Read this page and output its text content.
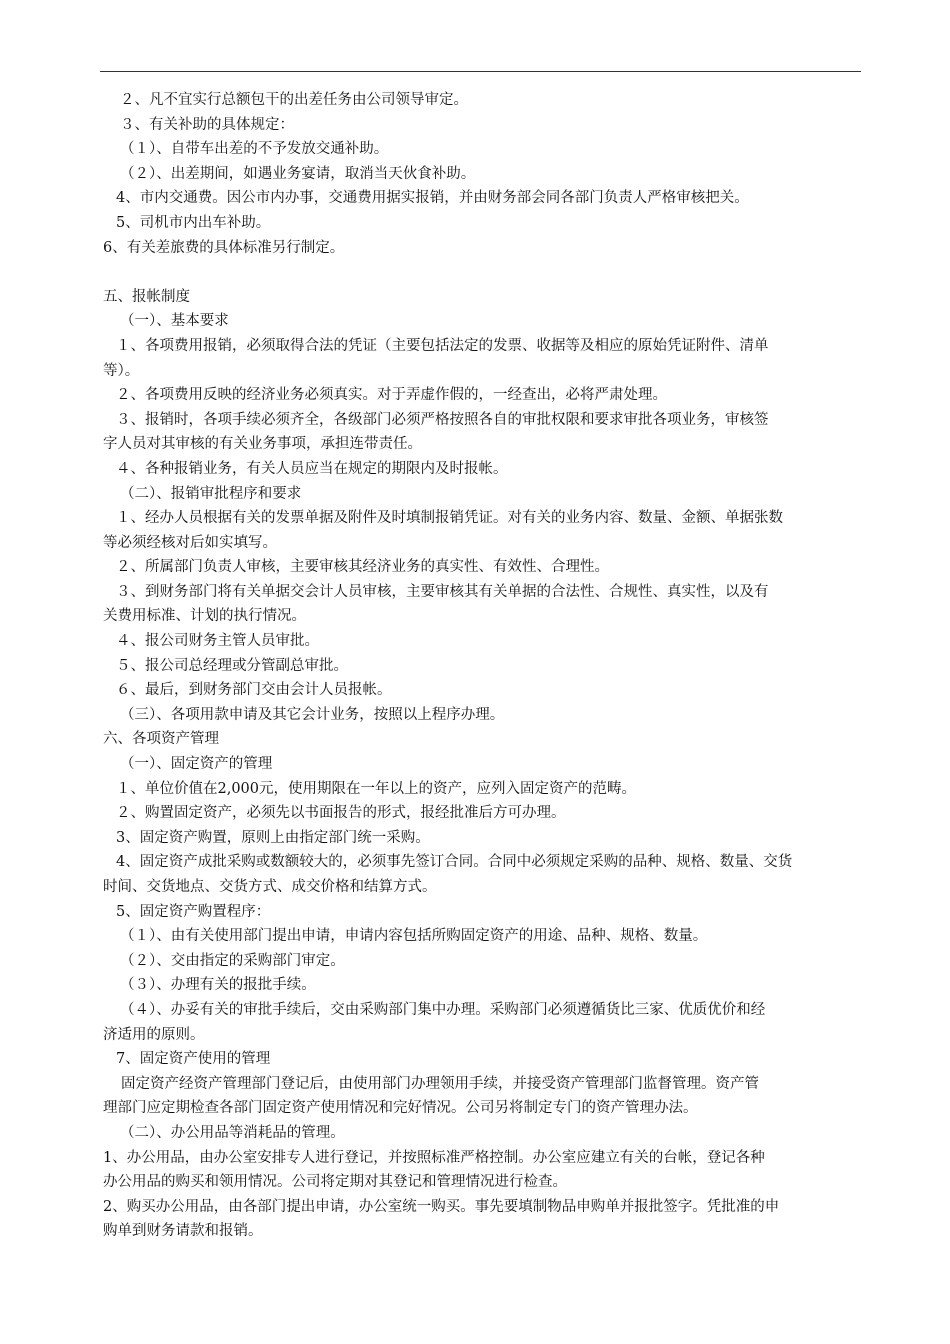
２、凡不宜实行总额包干的出差任务由公司领导审定。
３、有关补助的具体规定：
（１）、自带车出差的不予发放交通补助。
（２）、出差期间，如遇业务宴请，取消当天伙食补助。
4、市内交通费。因公市内办事，交通费用据实报销，并由财务部会同各部门负责人严格审核把关。
5、司机市内出车补助。
6、有关差旅费的具体标准另行制定。
五、报帐制度
（一）、基本要求
１、各项费用报销，必须取得合法的凭证（主要包括法定的发票、收据等及相应的原始凭证附件、清单
等）。
２、各项费用反映的经济业务必须真实。对于弄虚作假的，一经查出，必将严肃处理。
３、报销时，各项手续必须齐全，各级部门必须严格按照各自的审批权限和要求审批各项业务，审核签
字人员对其审核的有关业务事项，承担连带责任。
４、各种报销业务，有关人员应当在规定的期限内及时报帐。
（二）、报销审批程序和要求
１、经办人员根据有关的发票单据及附件及时填制报销凭证。对有关的业务内容、数量、金额、单据张数
等必须经核对后如实填写。
２、所属部门负责人审核，主要审核其经济业务的真实性、有效性、合理性。
３、到财务部门将有关单据交会计人员审核，主要审核其有关单据的合法性、合规性、真实性，以及有
关费用标准、计划的执行情况。
４、报公司财务主管人员审批。
５、报公司总经理或分管副总审批。
６、最后，到财务部门交由会计人员报帐。
（三）、各项用款申请及其它会计业务，按照以上程序办理。
六、各项资产管理
（一）、固定资产的管理
１、单位价值在2,000元，使用期限在一年以上的资产，应列入固定资产的范畴。
２、购置固定资产，必须先以书面报告的形式，报经批准后方可办理。
3、固定资产购置，原则上由指定部门统一采购。
4、固定资产成批采购或数额较大的，必须事先签订合同。合同中必须规定采购的品种、规格、数量、交货
时间、交货地点、交货方式、成交价格和结算方式。
5、固定资产购置程序：
（１）、由有关使用部门提出申请，申请内容包括所购固定资产的用途、品种、规格、数量。
（２）、交由指定的采购部门审定。
（３）、办理有关的报批手续。
（４）、办妥有关的审批手续后，交由采购部门集中办理。采购部门必须遵循货比三家、优质优价和经
济适用的原则。
7、固定资产使用的管理
固定资产经资产管理部门登记后，由使用部门办理领用手续，并接受资产管理部门监督管理。资产管
理部门应定期检查各部门固定资产使用情况和完好情况。公司另将制定专门的资产管理办法。
（二）、办公用品等消耗品的管理。
1、办公用品，由办公室安排专人进行登记，并按照标准严格控制。办公室应建立有关的台帐，登记各种
办公用品的购买和领用情况。公司将定期对其登记和管理情况进行检查。
2、购买办公用品，由各部门提出申请，办公室统一购买。事先要填制物品申购单并报批签字。凭批准的申
购单到财务请款和报销。
